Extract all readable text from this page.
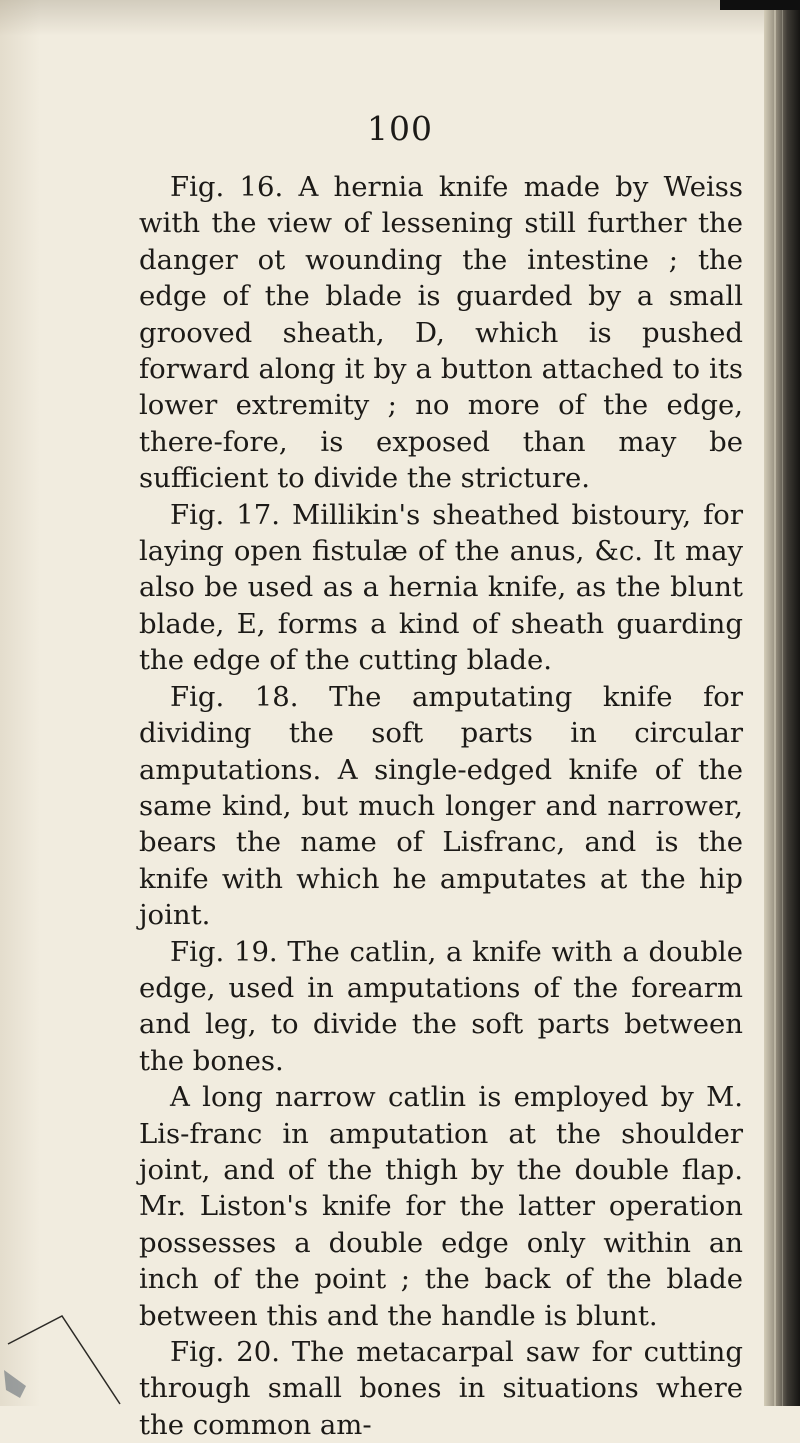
100

Fig. 16. A hernia knife made by Weiss with the view of lessening still further the danger ot wounding the intestine ; the edge of the blade is guarded by a small grooved sheath, D, which is pushed forward along it by a button attached to its lower extremity ; no more of the edge, there-fore, is exposed than may be sufficient to divide the stricture.

Fig. 17. Millikin's sheathed bistoury, for laying open fistulæ of the anus, &c. It may also be used as a hernia knife, as the blunt blade, E, forms a kind of sheath guarding the edge of the cutting blade.

Fig. 18. The amputating knife for dividing the soft parts in circular amputations. A single-edged knife of the same kind, but much longer and narrower, bears the name of Lisfranc, and is the knife with which he amputates at the hip joint.

Fig. 19. The catlin, a knife with a double edge, used in amputations of the forearm and leg, to divide the soft parts between the bones.

A long narrow catlin is employed by M. Lis-franc in amputation at the shoulder joint, and of the thigh by the double flap. Mr. Liston's knife for the latter operation possesses a double edge only within an inch of the point ; the back of the blade between this and the handle is blunt.

Fig. 20. The metacarpal saw for cutting through small bones in situations where the common am-
